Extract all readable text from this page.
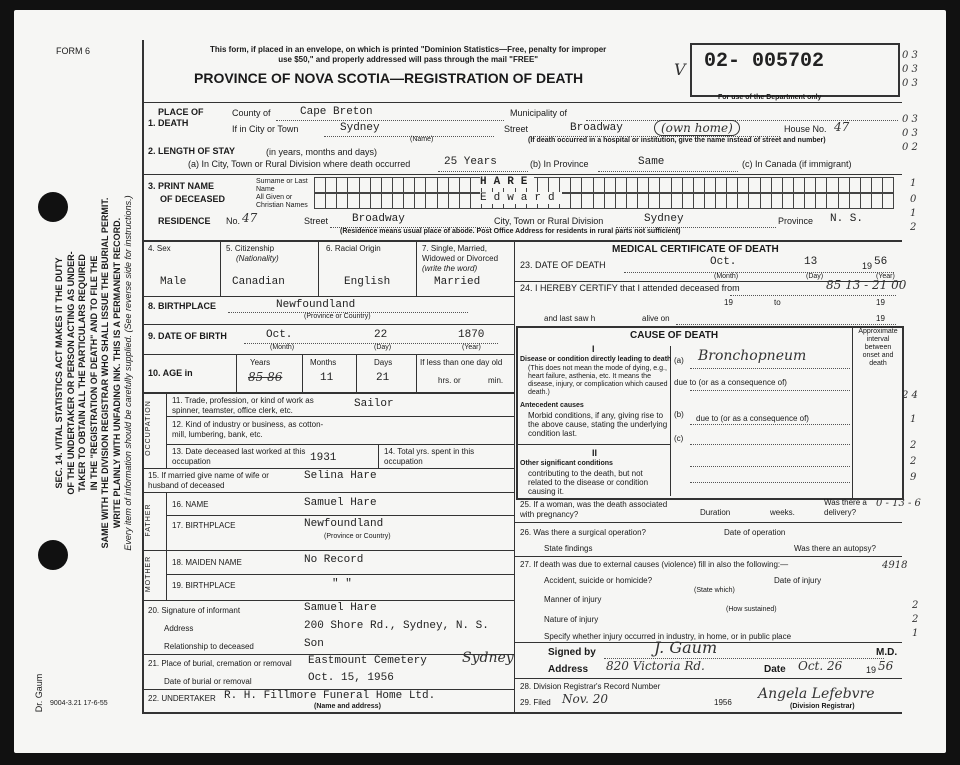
FORM 6
SEC. 14. VITAL STATISTICS ACT MAKES IT THE DUTY OF THE UNDERTAKER OR PERSON ACTING AS UNDER- TAKER TO OBTAIN ALL THE PARTICULARS REQUIRED IN THE "REGISTRATION OF DEATH" AND TO FILE THE SAME WITH THE DIVISION REGISTRAR WHO SHALL ISSUE THE BURIAL PERMIT. WRITE PLAINLY WITH UNFADING INK. THIS IS A PERMANENT RECORD. Every item of information should be carefully supplied. (See reverse side for instructions.)
Dr. Gaum 9004-3.21 17-6-55
This form, if placed in an envelope, on which is printed "Dominion Statistics—Free, penalty for improper
use $50," and properly addressed will pass through the mail "FREE"
PROVINCE OF NOVA SCOTIA—REGISTRATION OF DEATH
02- 005702
For use of the Department only
V
1. PLACE OF DEATH
County of	Cape Breton	Municipality of
If in City or Town	Sydney
(Name)
Street	Broadway	(own home)	House No. 47
(If death occurred in a hospital or institution, give the name instead of street and number)
2. LENGTH OF STAY	(in years, months and days)
(a) In City, Town or Rural Division where death occurred	25 Years	(b) In Province	Same	(c) In Canada (if immigrant)
3. PRINT NAME
OF DECEASED
Surname or Last Name
All Given or Christian Names
HARE
Edward
RESIDENCE No. 47	Street Broadway	City, Town or Rural Division	Sydney	Province N. S.
(Residence means usual place of abode. Post Office Address for residents in rural parts not sufficient)
4. Sex	5. Citizenship
(Nationality)
6. Racial Origin	7. Single, Married, Widowed or Divorced (write the word)
Male	Canadian	English	Married
8. BIRTHPLACE	Newfoundland
(Province or Country)
9. DATE OF BIRTH	Oct.	22	1870
(Month)	(Day)	(Year)
10. AGE in
Years	Months	Days
85 86	11	21
If less than one day old
hrs. or	min.
OCCUPATION	11. Trade, profession, or kind of work as spinner, teamster, office clerk, etc.
Sailor
12. Kind of industry or business, as cotton-mill, lumbering, bank, etc.
13. Date deceased last worked at this occupation	1931
14. Total yrs. spent in this occupation
15. If married give name of wife or husband of deceased
Selina Hare
FATHER	16. NAME	Samuel Hare
17. BIRTHPLACE	Newfoundland
(Province or Country)
MOTHER	18. MAIDEN NAME	No Record
19. BIRTHPLACE	" "
20. Signature of informant	Samuel Hare
Address	200 Shore Rd., Sydney, N. S.
Relationship to deceased	Son
21. Place of burial, cremation or removal Eastmount Cemetery	Sydney
Date of burial or removal	Oct. 15, 1956
22. UNDERTAKER R. H. Fillmore Funeral Home Ltd.
(Name and address)
MEDICAL CERTIFICATE OF DEATH
23. DATE OF DEATH	Oct.	13	19 56
(Month)	(Day)	(Year)
24. I HEREBY CERTIFY that I attended deceased from	85 13 - 21 00
19	to	19
and last saw h	alive on	19
CAUSE OF DEATH	Approximate interval between onset and death
I
Disease or condition directly leading to death
(This does not mean the mode of dying, e.g., heart failure, asthenia, etc. It means the disease, injury, or complication which caused death.)
(a) Bronchopneum
due to (or as a consequence of)
Antecedent causes
Morbid conditions, if any, giving rise to the above cause, stating the underlying condition last.
(b) due to (or as a consequence of)
(c)
II
Other significant conditions
contributing to the death, but not related to the disease or condition causing it.
25. If a woman, was the death associated with pregnancy?	Duration	weeks.
Was there a delivery?
26. Was there a surgical operation?	Date of operation
State findings	Was there an autopsy?
27. If death was due to external causes (violence) fill in also the following:—
Accident, suicide or homicide?	Date of injury
(State which)
Manner of injury
(How sustained)
Nature of injury
Specify whether injury occurred in industry, in home, or in public place
Signed by	J. Gaum	M.D.
Address 820 Victoria Rd.	Date Oct. 26	19 56
28. Division Registrar's Record Number
29. Filed Nov. 20	1956
Angela Lefebvre
(Division Registrar)
0 3
0 3
0 3
0 3
0 3
0 2
1
0
1
2
2 4
1
2
2
9
0 - 13 - 6
4918
2
2
1
